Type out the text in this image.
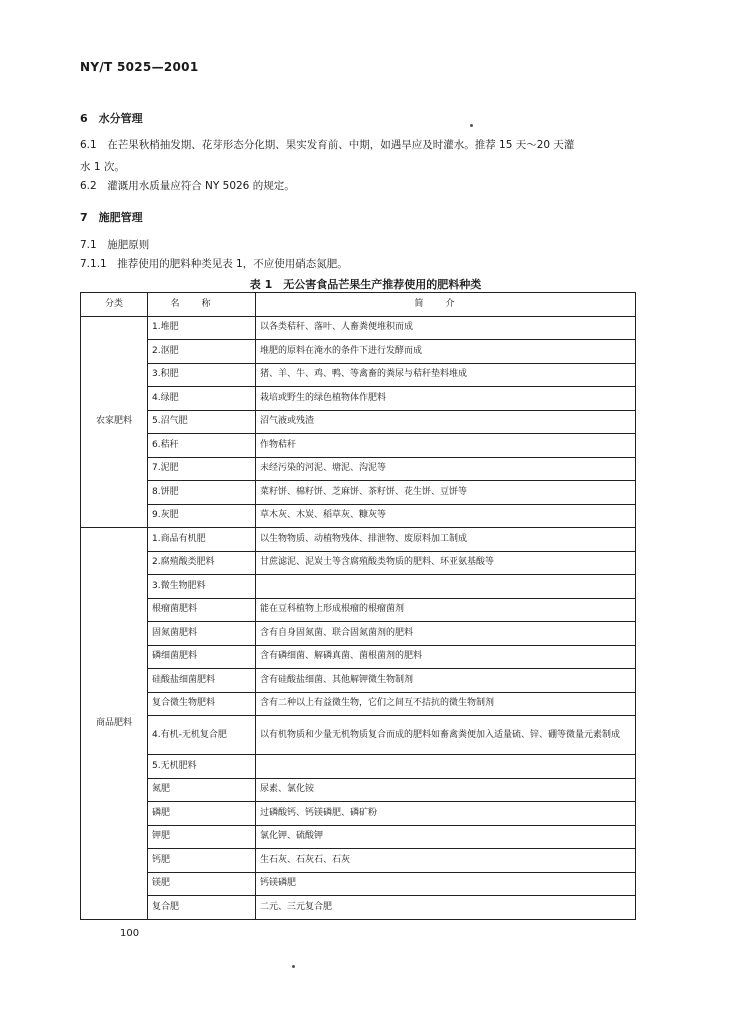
NY/T 5025—2001
6　水分管理
6.1　在芒果秋梢抽发期、花芽形态分化期、果实发育前、中期，如遇旱应及时灌水。推荐 15 天～20 天灌
水 1 次。
6.2　灌溉用水质量应符合 NY 5026 的规定。
7　施肥管理
7.1　施肥原则
7.1.1　推荐使用的肥料种类见表 1，不应使用硝态氮肥。
表 1　无公害食品芒果生产推荐使用的肥料种类
分类	名称	简介
农家肥料	1.堆肥	以各类秸秆、落叶、人畜粪便堆积而成
	2.沤肥	堆肥的原料在淹水的条件下进行发酵而成
	3.积肥	猪、羊、牛、鸡、鸭、等禽畜的粪尿与秸秆垫料堆成
	4.绿肥	栽培或野生的绿色植物体作肥料
	5.沼气肥	沼气液或残渣
	6.秸秆	作物秸秆
	7.泥肥	未经污染的河泥、塘泥、沟泥等
	8.饼肥	菜籽饼、棉籽饼、芝麻饼、茶籽饼、花生饼、豆饼等
	9.灰肥	草木灰、木炭、稻草灰、糠灰等
商品肥料	1.商品有机肥	以生物物质、动植物残体、排泄物、废原料加工制成
	2.腐殖酸类肥料	甘蔗滤泥、泥炭土等含腐殖酸类物质的肥料、环亚氨基酸等
	3.微生物肥料	
	根瘤菌肥料	能在豆科植物上形成根瘤的根瘤菌剂
	固氮菌肥料	含有自身固氮菌、联合固氮菌剂的肥料
	磷细菌肥料	含有磷细菌、解磷真菌、菌根菌剂的肥料
	硅酸盐细菌肥料	含有硅酸盐细菌、其他解钾微生物制剂
	复合微生物肥料	含有二种以上有益微生物，它们之间互不拮抗的微生物制剂
	4.有机-无机复合肥	以有机物质和少量无机物质复合而成的肥料如畜禽粪便加入适量硫、锌、硼等微量元素制成
	5.无机肥料	
	氮肥	尿素、氯化铵
	磷肥	过磷酸钙、钙镁磷肥、磷矿粉
	钾肥	氯化钾、硫酸钾
	钙肥	生石灰、石灰石、石灰
	镁肥	钙镁磷肥
	复合肥	二元、三元复合肥
100
